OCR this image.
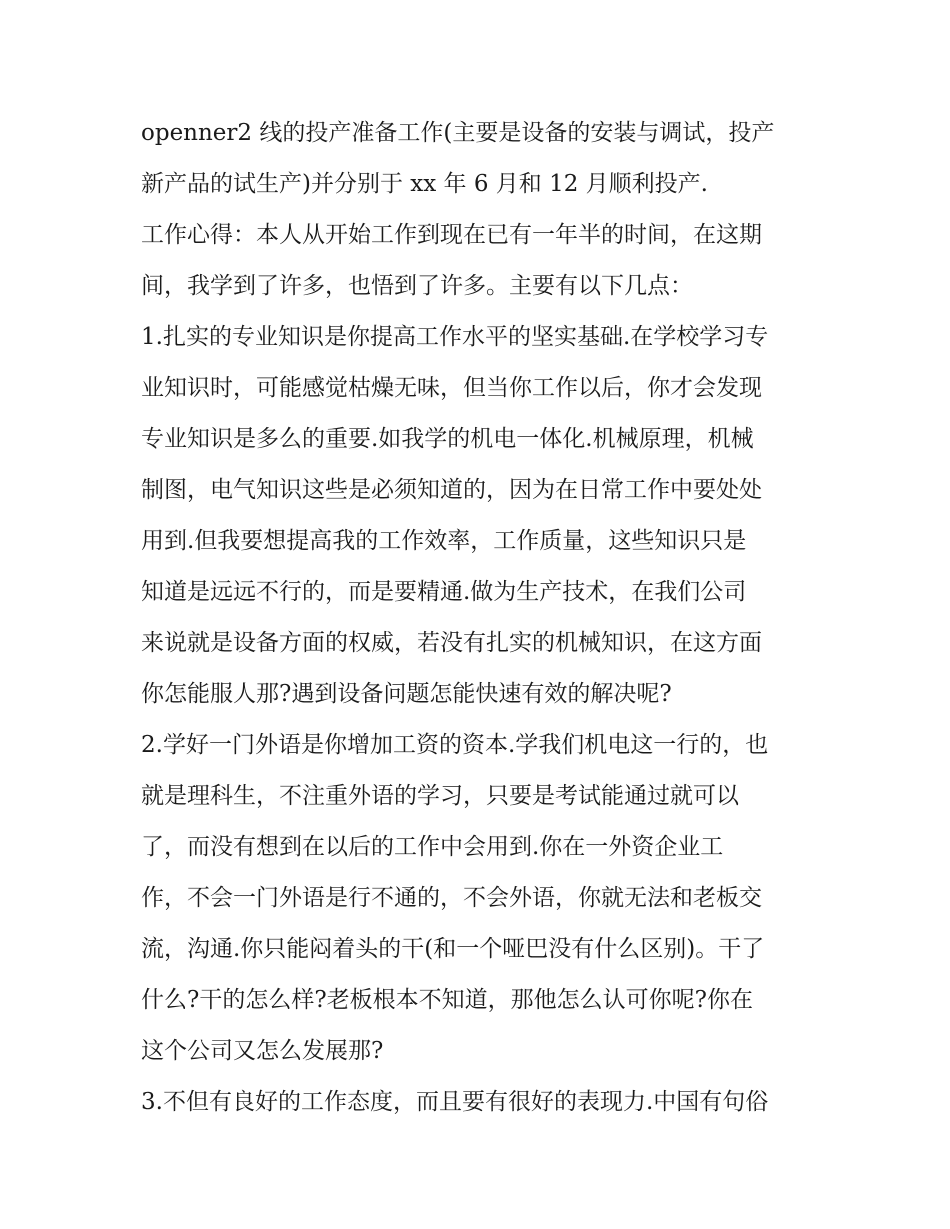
openner2 线的投产准备工作(主要是设备的安装与调试，投产
新产品的试生产)并分别于 xx 年 6 月和 12 月顺利投产.
工作心得：本人从开始工作到现在已有一年半的时间，在这期
间，我学到了许多，也悟到了许多。主要有以下几点：
1.扎实的专业知识是你提高工作水平的坚实基础.在学校学习专
业知识时，可能感觉枯燥无味，但当你工作以后，你才会发现
专业知识是多么的重要.如我学的机电一体化.机械原理，机械
制图，电气知识这些是必须知道的，因为在日常工作中要处处
用到.但我要想提高我的工作效率，工作质量，这些知识只是
知道是远远不行的，而是要精通.做为生产技术，在我们公司
来说就是设备方面的权威，若没有扎实的机械知识，在这方面
你怎能服人那?遇到设备问题怎能快速有效的解决呢?
2.学好一门外语是你增加工资的资本.学我们机电这一行的，也
就是理科生，不注重外语的学习，只要是考试能通过就可以
了，而没有想到在以后的工作中会用到.你在一外资企业工
作，不会一门外语是行不通的，不会外语，你就无法和老板交
流，沟通.你只能闷着头的干(和一个哑巴没有什么区别)。干了
什么?干的怎么样?老板根本不知道，那他怎么认可你呢?你在
这个公司又怎么发展那?
3.不但有良好的工作态度，而且要有很好的表现力.中国有句俗
